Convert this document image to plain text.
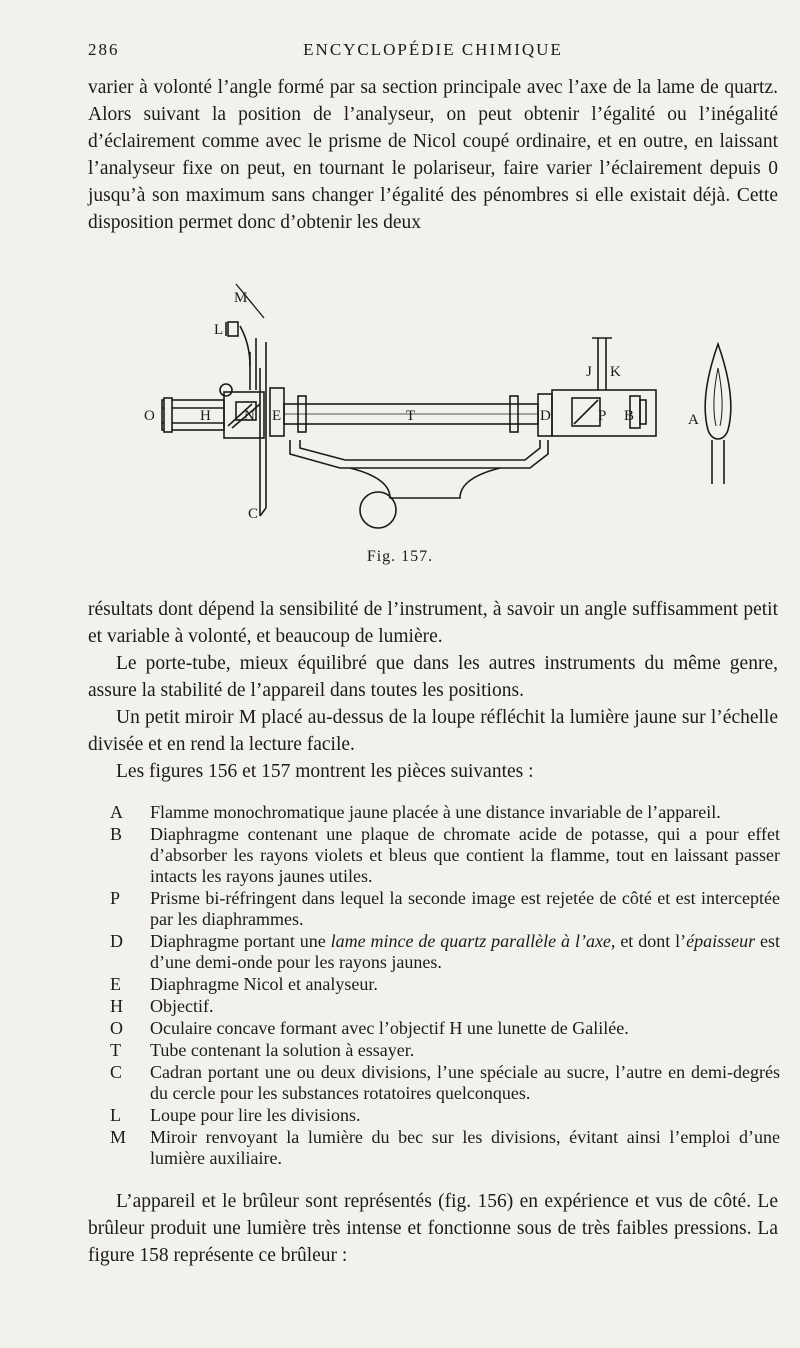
286	ENCYCLOPÉDIE CHIMIQUE

varier à volonté l’angle formé par sa section principale avec l’axe de la lame de quartz. Alors suivant la position de l’analyseur, on peut obtenir l’égalité ou l’inégalité d’éclairement comme avec le prisme de Nicol coupé ordinaire, et en outre, en laissant l’analyseur fixe on peut, en tournant le polariseur, faire varier l’éclairement depuis 0 jusqu’à son maximum sans changer l’égalité des pénombres si elle existait déjà. Cette disposition permet donc d’obtenir les deux

M
L
O	H N E	T	D
J K
P B	A
C
Fig. 157.

résultats dont dépend la sensibilité de l’instrument, à savoir un angle suffisamment petit et variable à volonté, et beaucoup de lumière.

Le porte-tube, mieux équilibré que dans les autres instruments du même genre, assure la stabilité de l’appareil dans toutes les positions.

Un petit miroir M placé au-dessus de la loupe réfléchit la lumière jaune sur l’échelle divisée et en rend la lecture facile.

Les figures 156 et 157 montrent les pièces suivantes :

A	Flamme monochromatique jaune placée à une distance invariable de l’appareil.
B	Diaphragme contenant une plaque de chromate acide de potasse, qui a pour effet d’absorber les rayons violets et bleus que contient la flamme, tout en laissant passer intacts les rayons jaunes utiles.
P	Prisme bi-réfringent dans lequel la seconde image est rejetée de côté et est interceptée par les diaphrammes.
D	Diaphragme portant une lame mince de quartz parallèle à l’axe, et dont l’épaisseur est d’une demi-onde pour les rayons jaunes.
E	Diaphragme Nicol et analyseur.
H	Objectif.
O	Oculaire concave formant avec l’objectif H une lunette de Galilée.
T	Tube contenant la solution à essayer.
C	Cadran portant une ou deux divisions, l’une spéciale au sucre, l’autre en demi-degrés du cercle pour les substances rotatoires quelconques.
L	Loupe pour lire les divisions.
M	Miroir renvoyant la lumière du bec sur les divisions, évitant ainsi l’emploi d’une lumière auxiliaire.

L’appareil et le brûleur sont représentés (fig. 156) en expérience et vus de côté. Le brûleur produit une lumière très intense et fonctionne sous de très faibles pressions. La figure 158 représente ce brûleur :
